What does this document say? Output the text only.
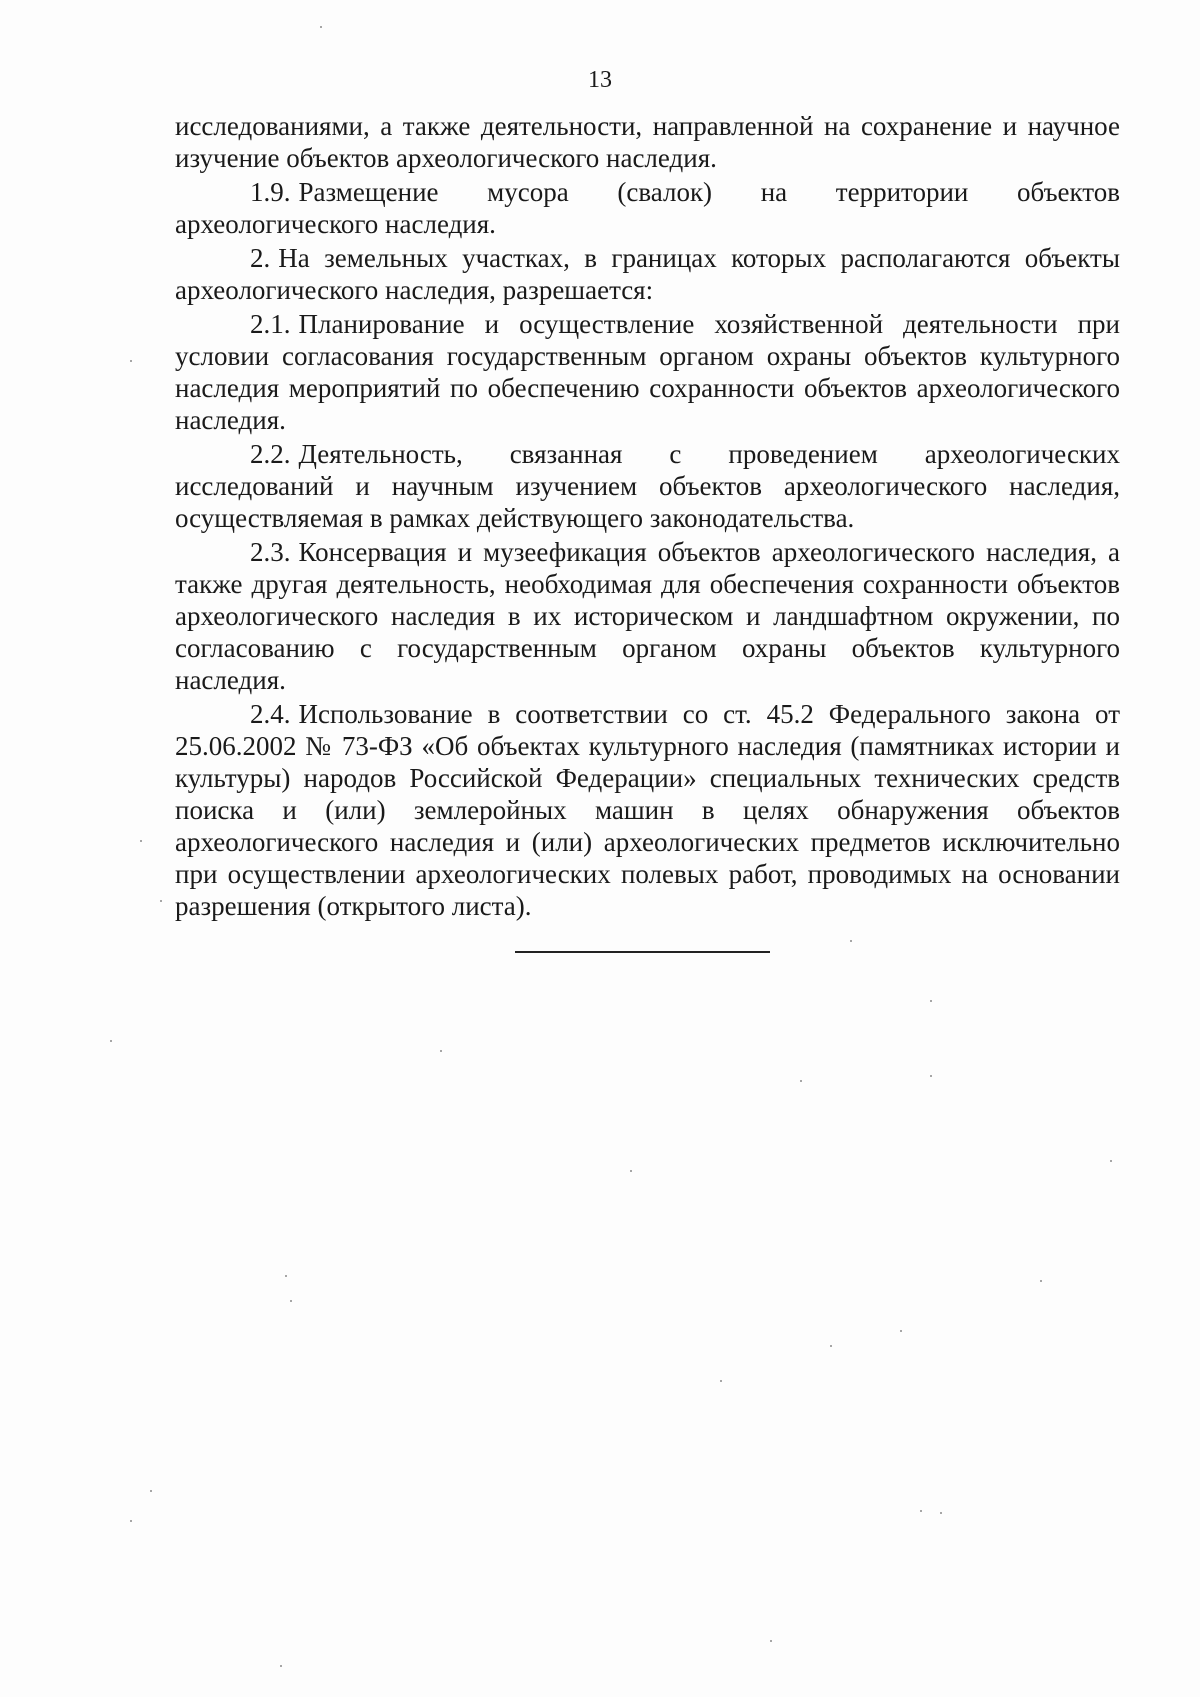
13

исследованиями, а также деятельности, направленной на сохранение и научное изучение объектов археологического наследия.

1.9. Размещение мусора (свалок) на территории объектов археологического наследия.

2. На земельных участках, в границах которых располагаются объекты археологического наследия, разрешается:

2.1. Планирование и осуществление хозяйственной деятельности при условии согласования государственным органом охраны объектов культурного наследия мероприятий по обеспечению сохранности объектов археологического наследия.

2.2. Деятельность, связанная с проведением археологических исследований и научным изучением объектов археологического наследия, осуществляемая в рамках действующего законодательства.

2.3. Консервация и музеефикация объектов археологического наследия, а также другая деятельность, необходимая для обеспечения сохранности объектов археологического наследия в их историческом и ландшафтном окружении, по согласованию с государственным органом охраны объектов культурного наследия.

2.4. Использование в соответствии со ст. 45.2 Федерального закона от 25.06.2002 № 73-ФЗ «Об объектах культурного наследия (памятниках истории и культуры) народов Российской Федерации» специальных технических средств поиска и (или) землеройных машин в целях обнаружения объектов археологического наследия и (или) археологических предметов исключительно при осуществлении археологических полевых работ, проводимых на основании разрешения (открытого листа).
